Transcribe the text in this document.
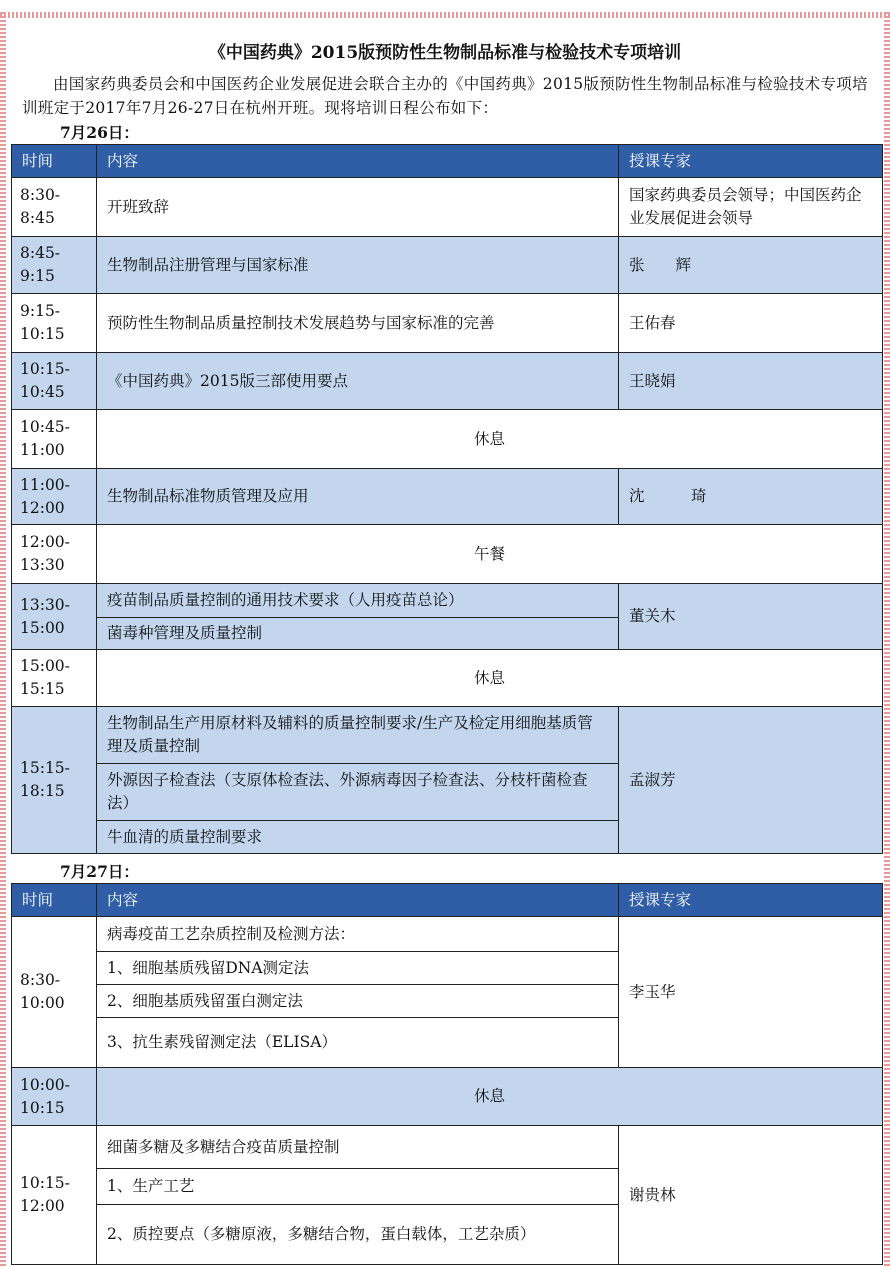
《中国药典》2015版预防性生物制品标准与检验技术专项培训
由国家药典委员会和中国医药企业发展促进会联合主办的《中国药典》2015版预防性生物制品标准与检验技术专项培训班定于2017年7月26-27日在杭州开班。现将培训日程公布如下：
7月26日：
时间	内容	授课专家
8:30-8:45	开班致辞	国家药典委员会领导；中国医药企业发展促进会领导
8:45-9:15	生物制品注册管理与国家标准	张　　辉
9:15-10:15	预防性生物制品质量控制技术发展趋势与国家标准的完善	王佑春
10:15-10:45	《中国药典》2015版三部使用要点	王晓娟
10:45-11:00	休息	
11:00-12:00	生物制品标准物质管理及应用	沈　　　琦
12:00-13:30	午餐	
13:30-15:00	疫苗制品质量控制的通用技术要求（人用疫苗总论）	董关木
	菌毒种管理及质量控制	
15:00-15:15	休息	
15:15-18:15	生物制品生产用原材料及辅料的质量控制要求/生产及检定用细胞基质管理及质量控制	孟淑芳
	外源因子检查法（支原体检查法、外源病毒因子检查法、分枝杆菌检查法）	
	牛血清的质量控制要求	
7月27日：
时间	内容	授课专家
8:30-10:00	病毒疫苗工艺杂质控制及检测方法：	李玉华
	1、细胞基质残留DNA测定法	
	2、细胞基质残留蛋白测定法	
	3、抗生素残留测定法（ELISA）	
10:00-10:15	休息	
10:15-12:00	细菌多糖及多糖结合疫苗质量控制	谢贵林
	1、生产工艺	
	2、质控要点（多糖原液，多糖结合物，蛋白载体，工艺杂质）	
